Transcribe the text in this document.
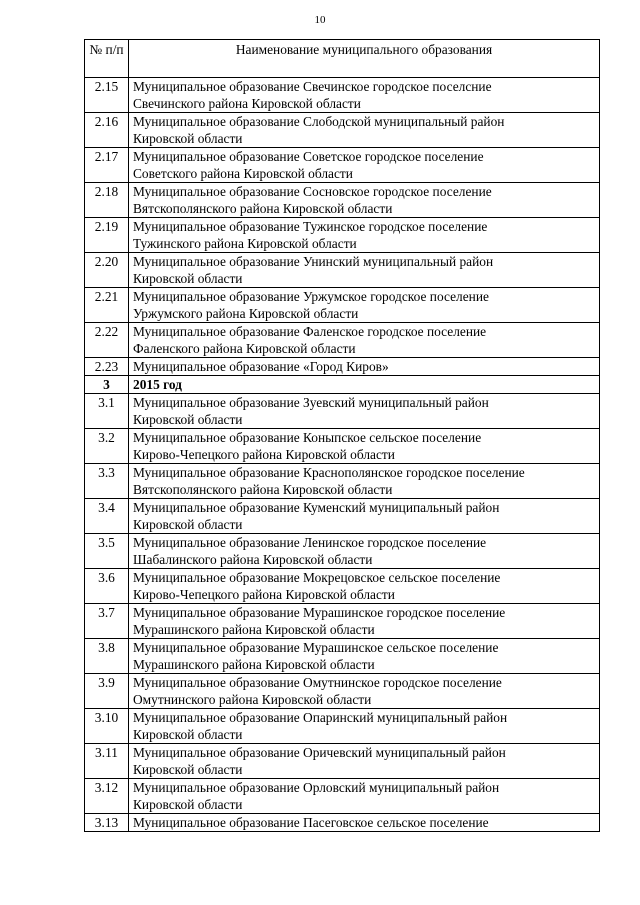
10
№ п/п	Наименование муниципального образования
2.15	Муниципальное образование Свечинское городское поселсние
Свечинского района Кировской области

2.16	Муниципальное образование Слободской муниципальный район
Кировской области

2.17	Муниципальное образование Советское городское поселение
Советского района Кировской области

2.18	Муниципальное образование Сосновское городское поселение
Вятскополянского района Кировской области

2.19	Муниципальное образование Тужинское городское поселение
Тужинского района Кировской области

2.20	Муниципальное образование Унинский муниципальный район
Кировской области

2.21	Муниципальное образование Уржумское городское поселение
Уржумского района Кировской области

2.22	Муниципальное образование Фаленское городское поселение
Фаленского района Кировской области

2.23	Муниципальное образование «Город Киров»

3	2015 год

3.1	Муниципальное образование Зуевский муниципальный район
Кировской области

3.2	Муниципальное образование Коныпское сельское поселение
Кирово-Чепецкого района Кировской области

3.3	Муниципальное образование Краснополянское городское поселение
Вятскополянского района Кировской области

3.4	Муниципальное образование Куменский муниципальный район
Кировской области

3.5	Муниципальное образование Ленинское городское поселение
Шабалинского района Кировской области

3.6	Муниципальное образование Мокрецовское сельское поселение
Кирово-Чепецкого района Кировской области

3.7	Муниципальное образование Мурашинское городское поселение
Мурашинского района Кировской области

3.8	Муниципальное образование Мурашинское сельское поселение
Мурашинского района Кировской области

3.9	Муниципальное образование Омутнинское городское поселение
Омутнинского района Кировской области

3.10	Муниципальное образование Опаринский муниципальный район
Кировской области

3.11	Муниципальное образование Оричевский муниципальный район
Кировской области

3.12	Муниципальное образование Орловский муниципальный район
Кировской области

3.13	Муниципальное образование Пасеговское сельское поселение
